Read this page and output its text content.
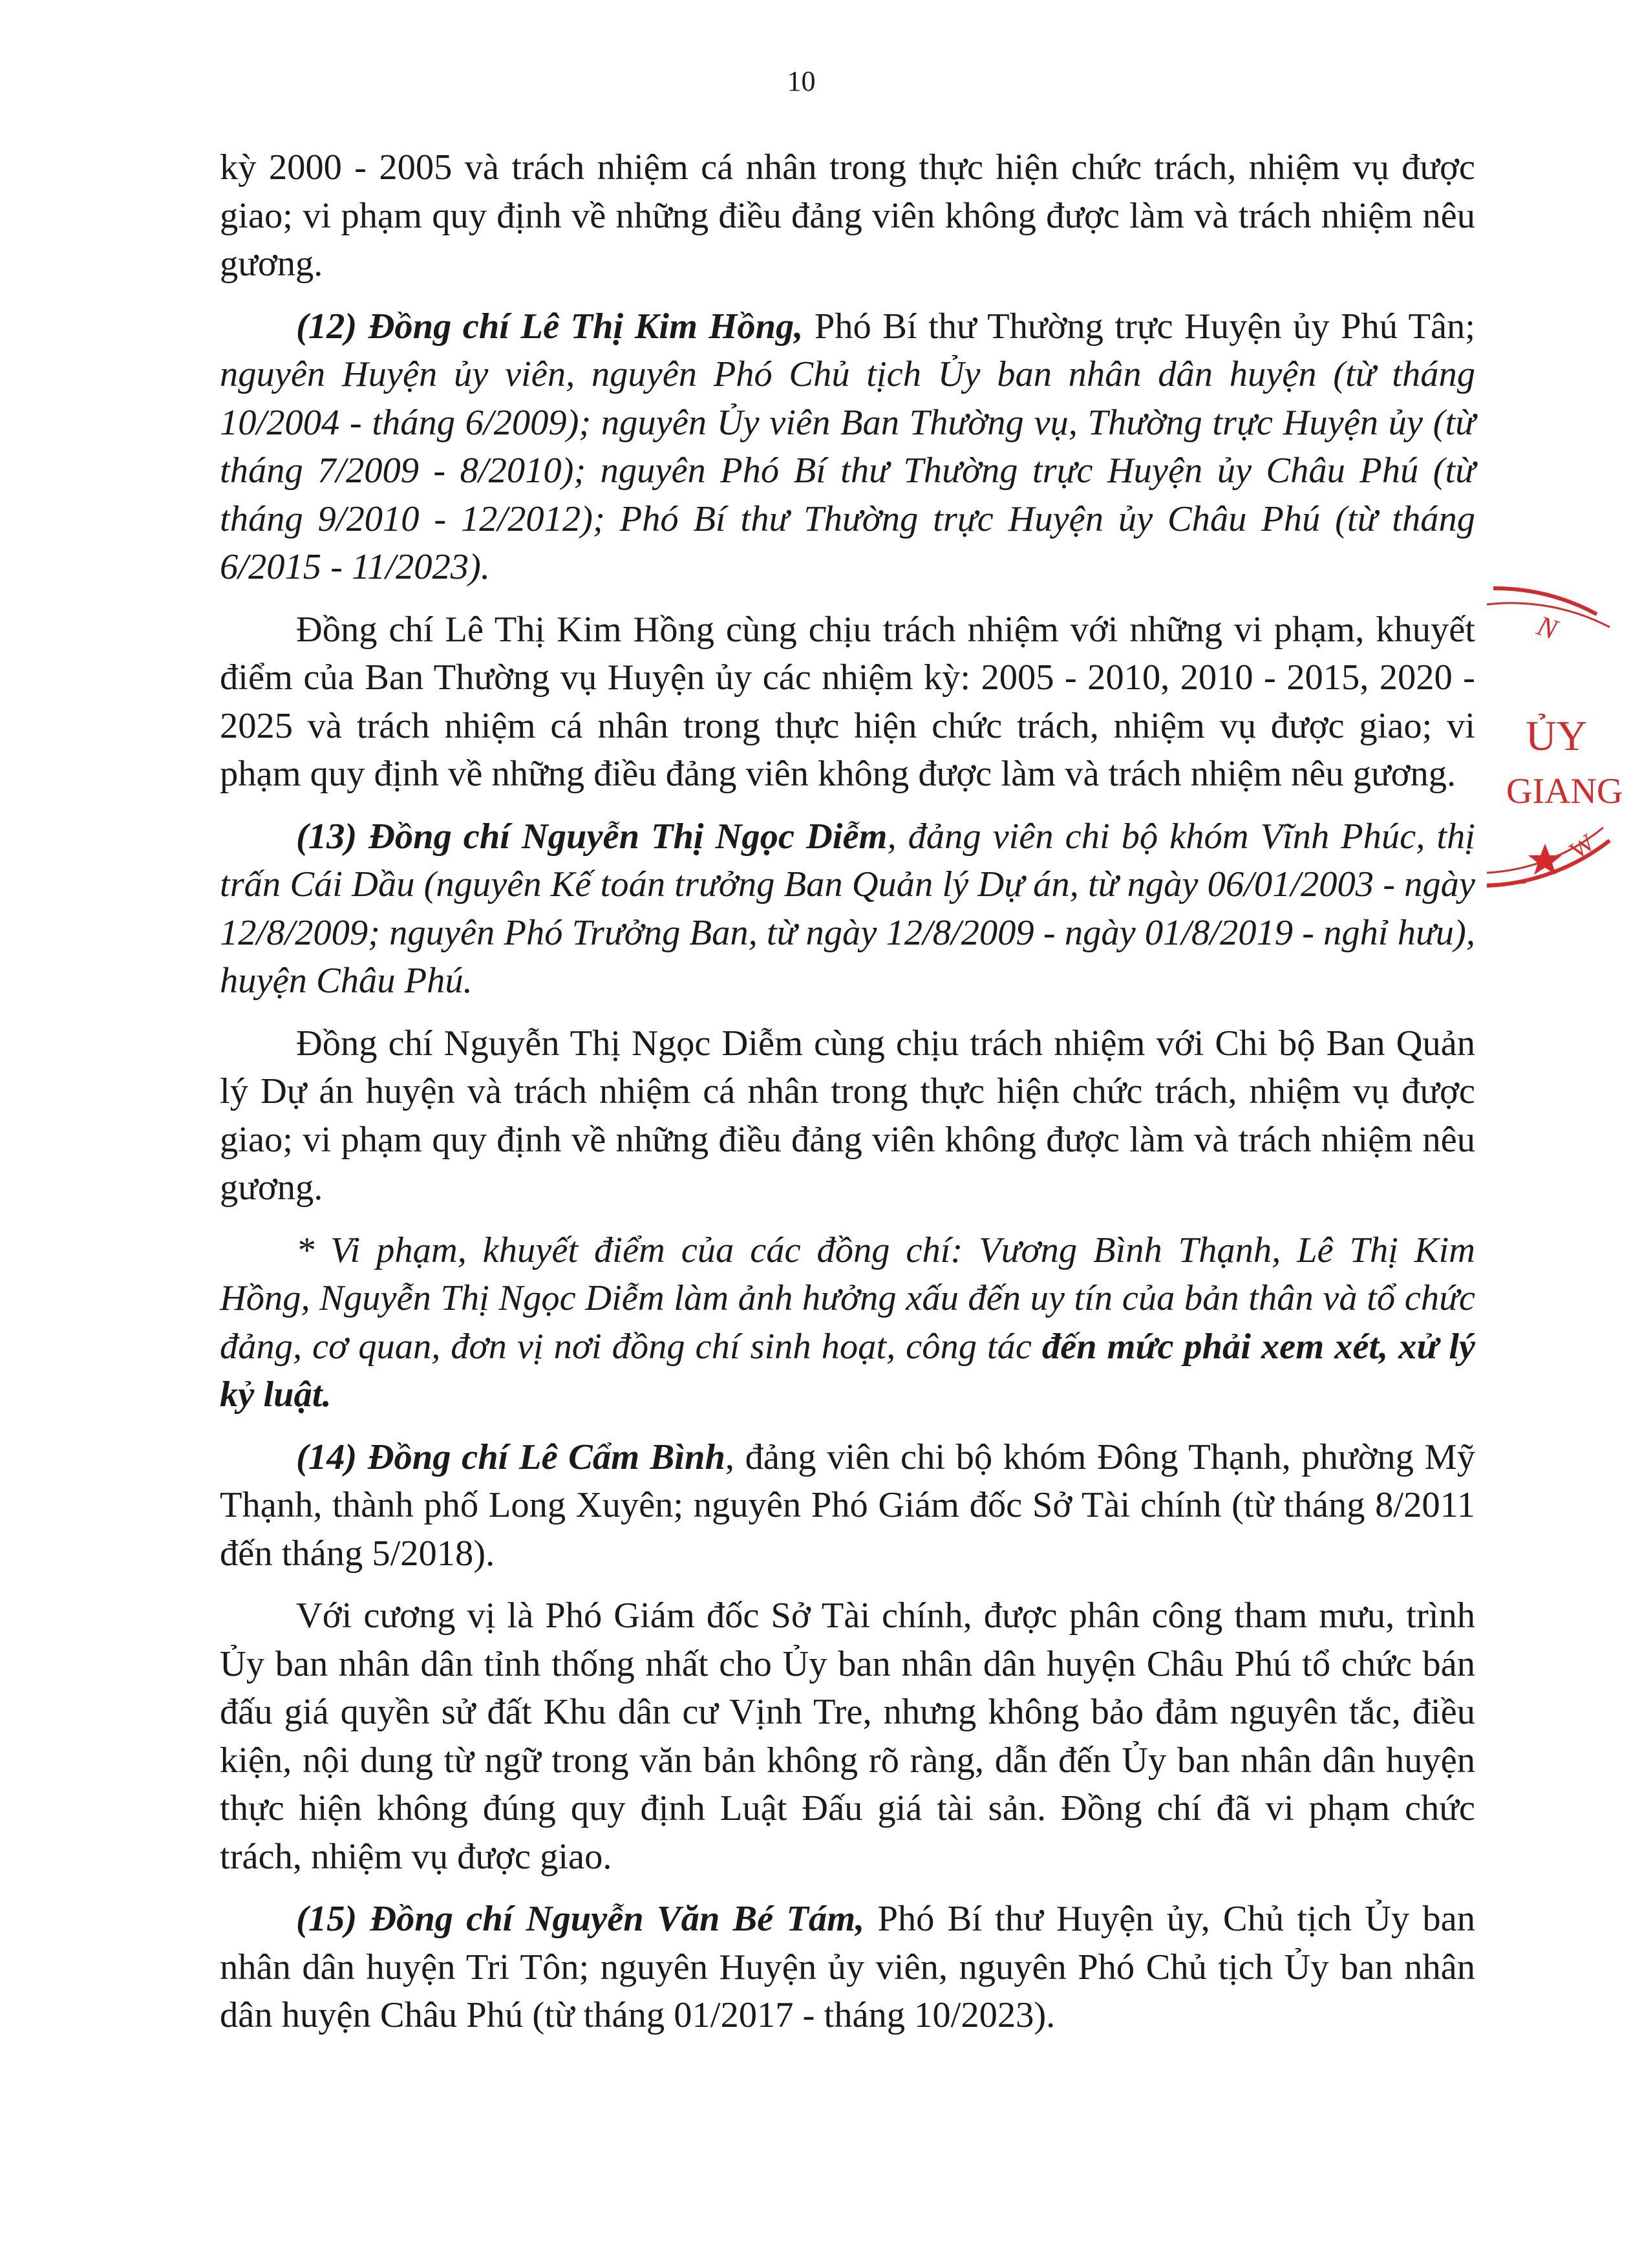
10

kỳ 2000 - 2005 và trách nhiệm cá nhân trong thực hiện chức trách, nhiệm vụ được giao; vi phạm quy định về những điều đảng viên không được làm và trách nhiệm nêu gương.

(12) Đồng chí Lê Thị Kim Hồng, Phó Bí thư Thường trực Huyện ủy Phú Tân; nguyên Huyện ủy viên, nguyên Phó Chủ tịch Ủy ban nhân dân huyện (từ tháng 10/2004 - tháng 6/2009); nguyên Ủy viên Ban Thường vụ, Thường trực Huyện ủy (từ tháng 7/2009 - 8/2010); nguyên Phó Bí thư Thường trực Huyện ủy Châu Phú (từ tháng 9/2010 - 12/2012); Phó Bí thư Thường trực Huyện ủy Châu Phú (từ tháng 6/2015 - 11/2023).

Đồng chí Lê Thị Kim Hồng cùng chịu trách nhiệm với những vi phạm, khuyết điểm của Ban Thường vụ Huyện ủy các nhiệm kỳ: 2005 - 2010, 2010 - 2015, 2020 - 2025 và trách nhiệm cá nhân trong thực hiện chức trách, nhiệm vụ được giao; vi phạm quy định về những điều đảng viên không được làm và trách nhiệm nêu gương.

(13) Đồng chí Nguyễn Thị Ngọc Diễm, đảng viên chi bộ khóm Vĩnh Phúc, thị trấn Cái Dầu (nguyên Kế toán trưởng Ban Quản lý Dự án, từ ngày 06/01/2003 - ngày 12/8/2009; nguyên Phó Trưởng Ban, từ ngày 12/8/2009 - ngày 01/8/2019 - nghỉ hưu), huyện Châu Phú.

Đồng chí Nguyễn Thị Ngọc Diễm cùng chịu trách nhiệm với Chi bộ Ban Quản lý Dự án huyện và trách nhiệm cá nhân trong thực hiện chức trách, nhiệm vụ được giao; vi phạm quy định về những điều đảng viên không được làm và trách nhiệm nêu gương.

* Vi phạm, khuyết điểm của các đồng chí: Vương Bình Thạnh, Lê Thị Kim Hồng, Nguyễn Thị Ngọc Diễm làm ảnh hưởng xấu đến uy tín của bản thân và tổ chức đảng, cơ quan, đơn vị nơi đồng chí sinh hoạt, công tác đến mức phải xem xét, xử lý kỷ luật.

(14) Đồng chí Lê Cẩm Bình, đảng viên chi bộ khóm Đông Thạnh, phường Mỹ Thạnh, thành phố Long Xuyên; nguyên Phó Giám đốc Sở Tài chính (từ tháng 8/2011 đến tháng 5/2018).

Với cương vị là Phó Giám đốc Sở Tài chính, được phân công tham mưu, trình Ủy ban nhân dân tỉnh thống nhất cho Ủy ban nhân dân huyện Châu Phú tổ chức bán đấu giá quyền sử đất Khu dân cư Vịnh Tre, nhưng không bảo đảm nguyên tắc, điều kiện, nội dung từ ngữ trong văn bản không rõ ràng, dẫn đến Ủy ban nhân dân huyện thực hiện không đúng quy định Luật Đấu giá tài sản. Đồng chí đã vi phạm chức trách, nhiệm vụ được giao.

(15) Đồng chí Nguyễn Văn Bé Tám, Phó Bí thư Huyện ủy, Chủ tịch Ủy ban nhân dân huyện Tri Tôn; nguyên Huyện ủy viên, nguyên Phó Chủ tịch Ủy ban nhân dân huyện Châu Phú (từ tháng 01/2017 - tháng 10/2023).

N
ỦY
GIANG
W
